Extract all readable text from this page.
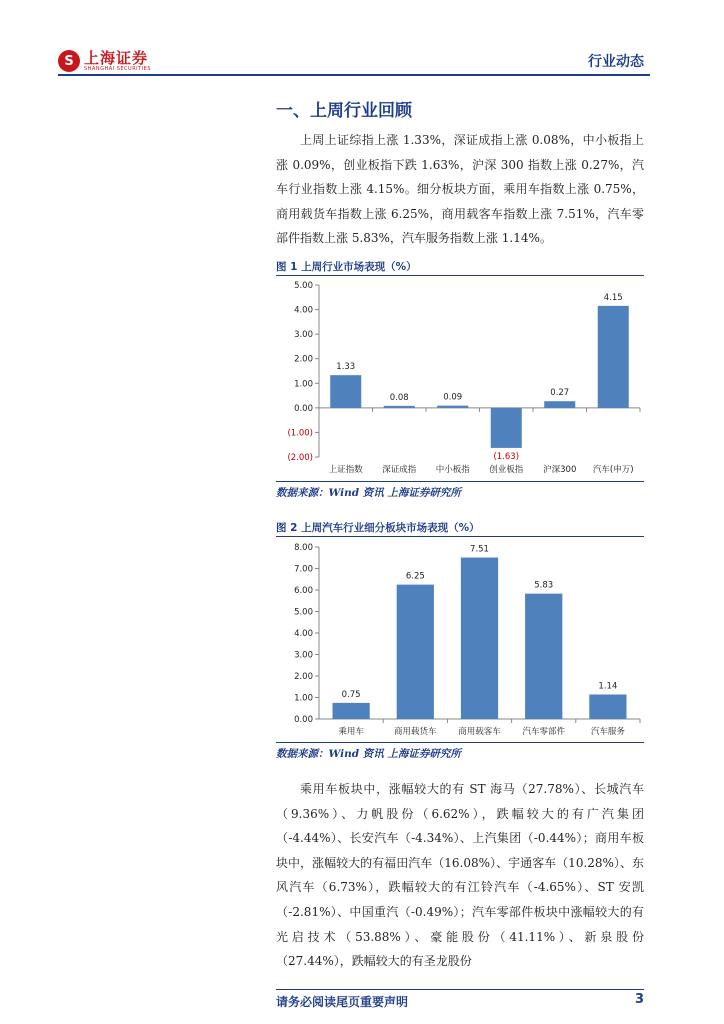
S 上海证券
SHANGHAI SECURITIES	行业动态
一、上周行业回顾

上周上证综指上涨 1.33%，深证成指上涨 0.08%，中小板指上涨 0.09%，创业板指下跌 1.63%，沪深 300 指数上涨 0.27%，汽车行业指数上涨 4.15%。细分板块方面，乘用车指数上涨 0.75%，商用载货车指数上涨 6.25%，商用载客车指数上涨 7.51%，汽车零部件指数上涨 5.83%，汽车服务指数上涨 1.14%。

图 1 上周行业市场表现（%）
5.00
4.00
3.00
2.00
1.00
0.00
(1.00)
(2.00)
1.33
上证指数
0.08
深证成指
0.09
中小板指
(1.63)
创业板指
0.27
沪深300
4.15
汽车(申万)
数据来源：Wind 资讯 上海证券研究所
图 2 上周汽车行业细分板块市场表现（%）
8.00
7.00
6.00
5.00
4.00
3.00
2.00
1.00
0.00
0.75
乘用车
6.25
商用载货车
7.51
商用载客车
5.83
汽车零部件
1.14
汽车服务
数据来源：Wind 资讯 上海证券研究所

乘用车板块中，涨幅较大的有 ST 海马（27.78%）、长城汽车（9.36%）、力帆股份（6.62%），跌幅较大的有广汽集团（-4.44%）、长安汽车（-4.34%）、上汽集团（-0.44%）；商用车板块中，涨幅较大的有福田汽车（16.08%）、宇通客车（10.28%）、东风汽车（6.73%），跌幅较大的有江铃汽车（-4.65%）、ST 安凯（-2.81%）、中国重汽（-0.49%）；汽车零部件板块中涨幅较大的有光启技术（53.88%）、豪能股份（41.11%）、新泉股份（27.44%），跌幅较大的有圣龙股份

请务必阅读尾页重要声明	3
